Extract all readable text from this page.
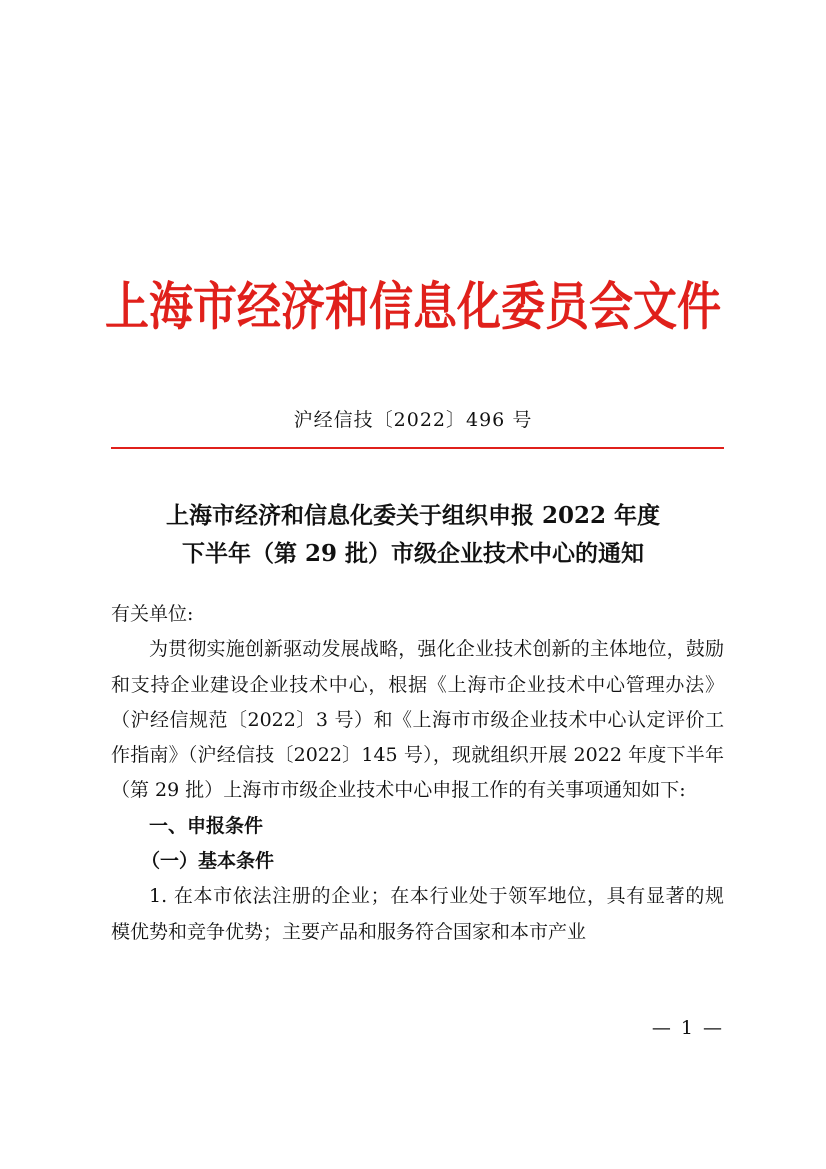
上海市经济和信息化委员会文件
沪经信技〔2022〕496 号
上海市经济和信息化委关于组织申报 2022 年度
下半年（第 29 批）市级企业技术中心的通知

有关单位:

为贯彻实施创新驱动发展战略，强化企业技术创新的主体地位，鼓励和支持企业建设企业技术中心，根据《上海市企业技术中心管理办法》（沪经信规范〔2022〕3 号）和《上海市市级企业技术中心认定评价工作指南》（沪经信技〔2022〕145 号），现就组织开展 2022 年度下半年（第 29 批）上海市市级企业技术中心申报工作的有关事项通知如下:

一、申报条件

（一）基本条件

1. 在本市依法注册的企业；在本行业处于领军地位，具有显著的规模优势和竞争优势；主要产品和服务符合国家和本市产业

— 1 —
